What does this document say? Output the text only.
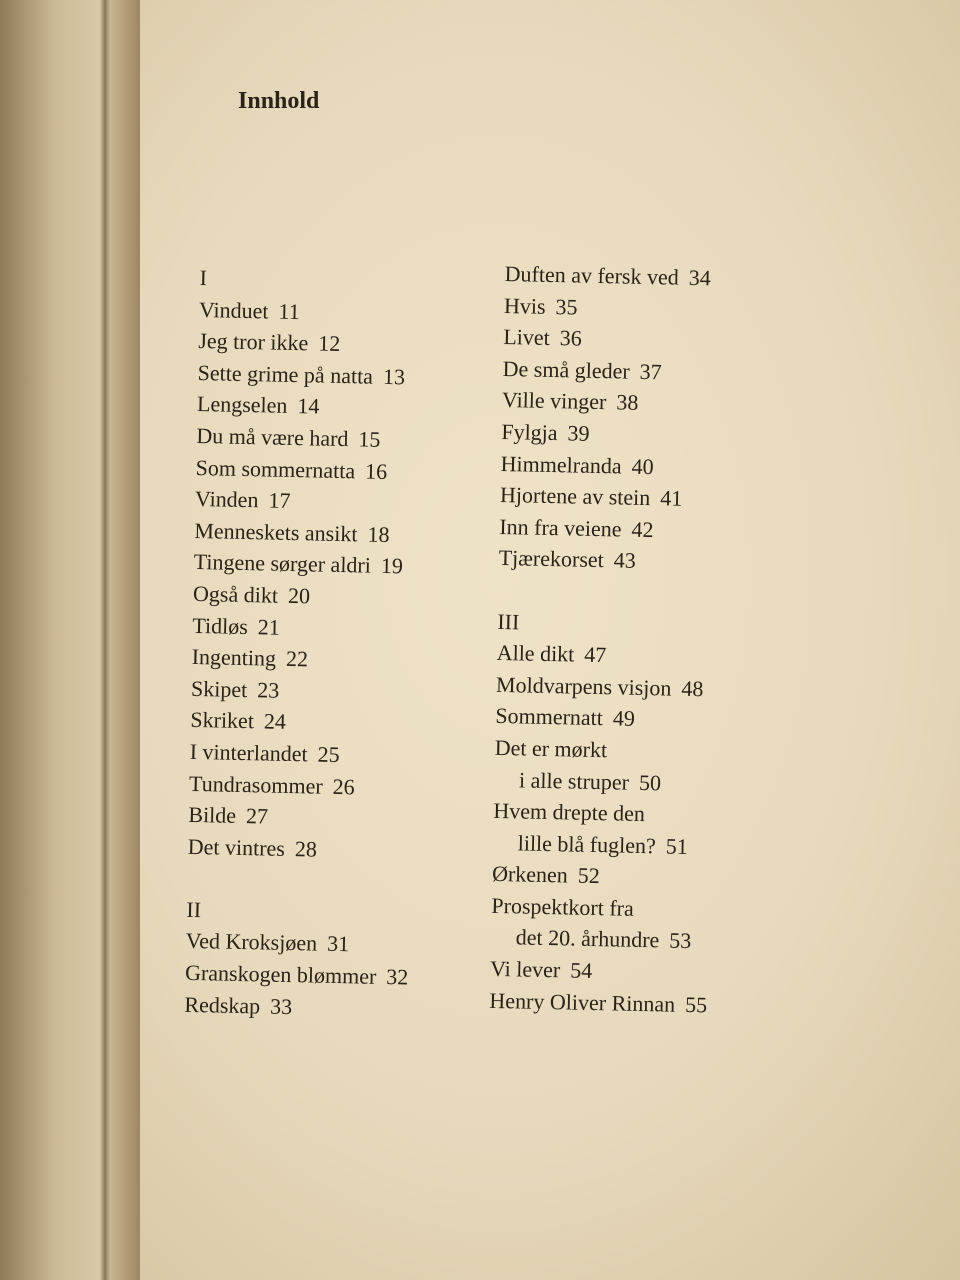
Innhold
I
Vinduet 11
Jeg tror ikke 12
Sette grime på natta 13
Lengselen 14
Du må være hard 15
Som sommernatta 16
Vinden 17
Menneskets ansikt 18
Tingene sørger aldri 19
Også dikt 20
Tidløs 21
Ingenting 22
Skipet 23
Skriket 24
I vinterlandet 25
Tundrasommer 26
Bilde 27
Det vintres 28
II
Ved Kroksjøen 31
Granskogen blømmer 32
Redskap 33
Duften av fersk ved 34
Hvis 35
Livet 36
De små gleder 37
Ville vinger 38
Fylgja 39
Himmelranda 40
Hjortene av stein 41
Inn fra veiene 42
Tjærekorset 43
III
Alle dikt 47
Moldvarpens visjon 48
Sommernatt 49
Det er mørkt
i alle struper 50
Hvem drepte den
lille blå fuglen? 51
Ørkenen 52
Prospektkort fra
det 20. århundre 53
Vi lever 54
Henry Oliver Rinnan 55
